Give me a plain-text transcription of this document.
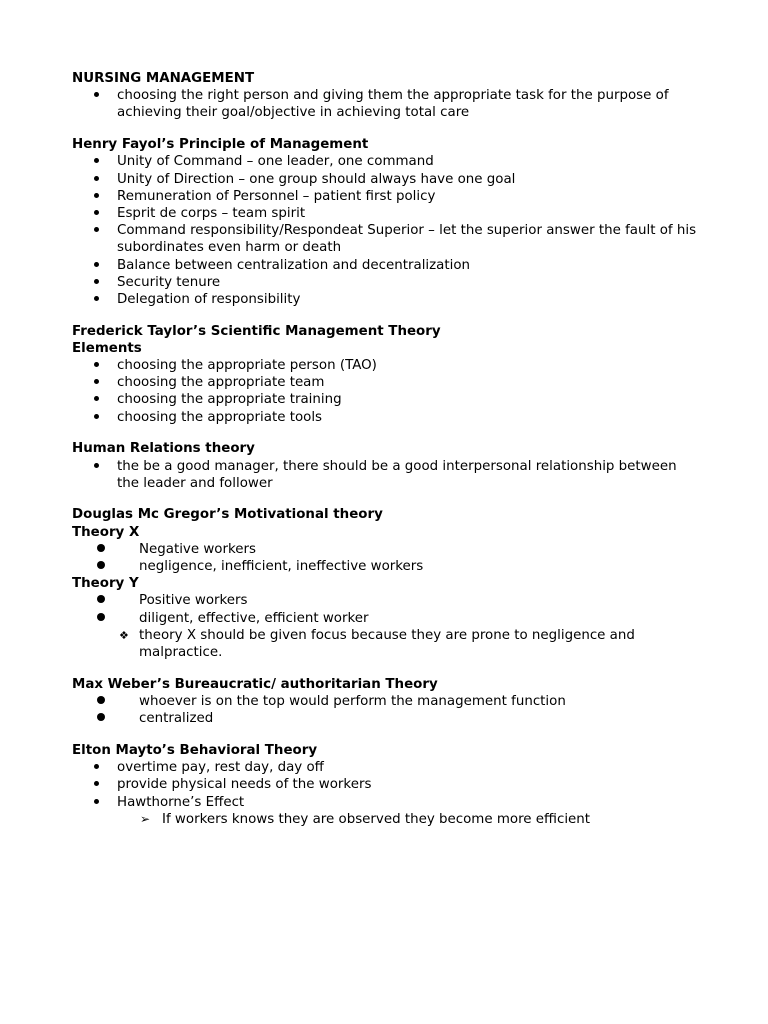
NURSING MANAGEMENT

choosing the right person and giving them the appropriate task for the purpose of achieving their goal/objective in achieving total care

Henry Fayol’s Principle of Management

Unity of Command – one leader, one command
Unity of Direction – one group should always have one goal
Remuneration of Personnel – patient first policy
Esprit de corps – team spirit
Command responsibility/Respondeat Superior – let the superior answer the fault of his subordinates even harm or death
Balance between centralization and decentralization
Security tenure
Delegation of responsibility

Frederick Taylor’s Scientific Management Theory

Elements

choosing the appropriate person (TAO)
choosing the appropriate team
choosing the appropriate training
choosing the appropriate tools

Human Relations theory

the be a good manager, there should be a good interpersonal relationship between the leader and follower

Douglas Mc Gregor’s Motivational theory

Theory X

Negative workers
negligence, inefficient, ineffective workers

Theory Y

Positive workers
diligent, effective, efficient worker
❖ theory X should be given focus because they are prone to negligence and malpractice.

Max Weber’s Bureaucratic/ authoritarian Theory

whoever is on the top would perform the management function
centralized

Elton Mayto’s Behavioral Theory

overtime pay, rest day, day off
provide physical needs of the workers
Hawthorne’s Effect
➢ If workers knows they are observed they become more efficient
